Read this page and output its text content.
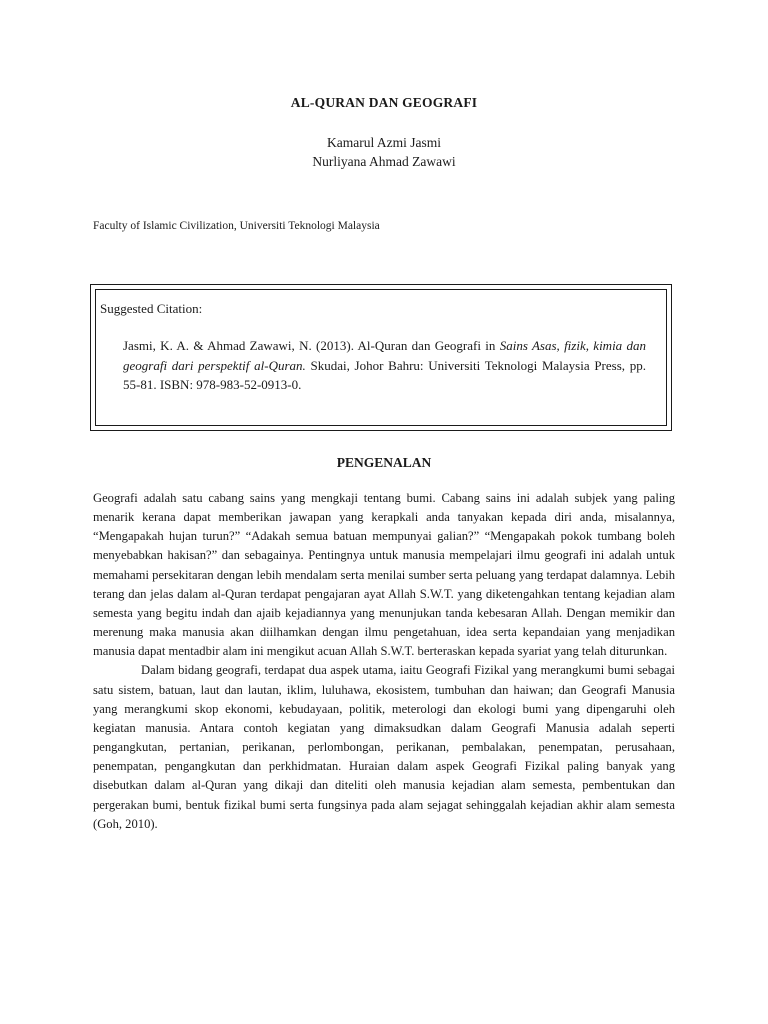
AL-QURAN DAN GEOGRAFI
Kamarul Azmi Jasmi
Nurliyana Ahmad Zawawi
Faculty of Islamic Civilization, Universiti Teknologi Malaysia
Suggested Citation:
Jasmi, K. A. & Ahmad Zawawi, N. (2013). Al-Quran dan Geografi in Sains Asas, fizik, kimia dan geografi dari perspektif al-Quran. Skudai, Johor Bahru: Universiti Teknologi Malaysia Press, pp. 55-81. ISBN: 978-983-52-0913-0.
PENGENALAN

Geografi adalah satu cabang sains yang mengkaji tentang bumi. Cabang sains ini adalah subjek yang paling menarik kerana dapat memberikan jawapan yang kerapkali anda tanyakan kepada diri anda, misalannya, “Mengapakah hujan turun?” “Adakah semua batuan mempunyai galian?” “Mengapakah pokok tumbang boleh menyebabkan hakisan?” dan sebagainya. Pentingnya untuk manusia mempelajari ilmu geografi ini adalah untuk memahami persekitaran dengan lebih mendalam serta menilai sumber serta peluang yang terdapat dalamnya. Lebih terang dan jelas dalam al-Quran terdapat pengajaran ayat Allah S.W.T. yang diketengahkan tentang kejadian alam semesta yang begitu indah dan ajaib kejadiannya yang menunjukan tanda kebesaran Allah. Dengan memikir dan merenung maka manusia akan diilhamkan dengan ilmu pengetahuan, idea serta kepandaian yang menjadikan manusia dapat mentadbir alam ini mengikut acuan Allah S.W.T. berteraskan kepada syariat yang telah diturunkan.

Dalam bidang geografi, terdapat dua aspek utama, iaitu Geografi Fizikal yang merangkumi bumi sebagai satu sistem, batuan, laut dan lautan, iklim, luluhawa, ekosistem, tumbuhan dan haiwan; dan Geografi Manusia yang merangkumi skop ekonomi, kebudayaan, politik, meterologi dan ekologi bumi yang dipengaruhi oleh kegiatan manusia. Antara contoh kegiatan yang dimaksudkan dalam Geografi Manusia adalah seperti pengangkutan, pertanian, perikanan, perlombongan, perikanan, pembalakan, penempatan, perusahaan, penempatan, pengangkutan dan perkhidmatan. Huraian dalam aspek Geografi Fizikal paling banyak yang disebutkan dalam al-Quran yang dikaji dan diteliti oleh manusia kejadian alam semesta, pembentukan dan pergerakan bumi, bentuk fizikal bumi serta fungsinya pada alam sejagat sehinggalah kejadian akhir alam semesta (Goh, 2010).
